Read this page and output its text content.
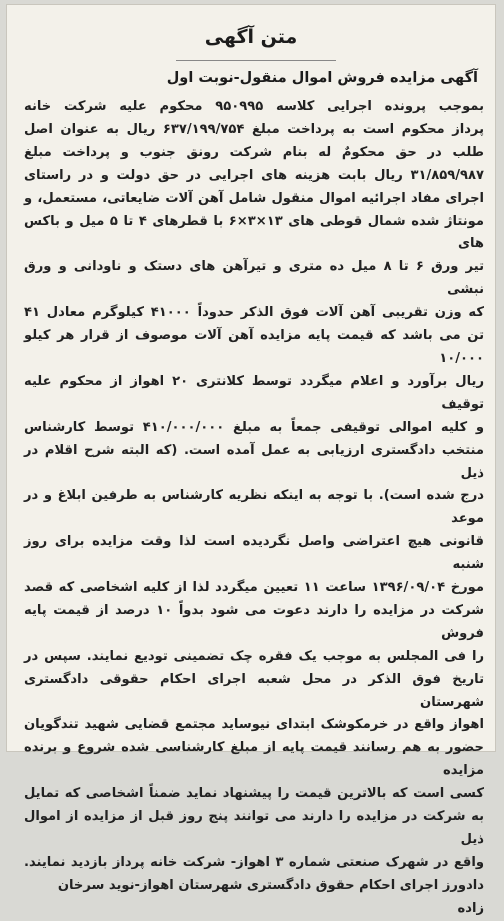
متن آگهی
آگهی مزایده فروش اموال منقول-نوبت اول
بموجب پرونده اجرایی کلاسه ۹۵۰۹۹۵ محکوم علیه شرکت خانه
پرداز محکوم است به پرداخت مبلغ ۶۳۷/۱۹۹/۷۵۴ ریال به عنوان اصل
طلب در حق محکومٌ له بنام شرکت رونق جنوب و پرداخت مبلغ
۳۱/۸۵۹/۹۸۷ ریال بابت هزینه های اجرایی در حق دولت و در راستای
اجرای مفاد اجرائیه اموال منقول شامل آهن آلات ضایعاتی، مستعمل، و
مونتاژ شده شمال قوطی های ۱۳×۳×۶ با قطرهای ۴ تا ۵ میل و باکس های
تیر ورق ۶ تا ۸ میل ده متری و تیرآهن های دستک و ناودانی و ورق نبشی
که وزن تقریبی آهن آلات فوق الذکر حدوداً ۴۱۰۰۰ کیلوگرم معادل ۴۱
تن می باشد که قیمت پایه مزایده آهن آلات موصوف از قرار هر کیلو ۱۰/۰۰۰
ریال برآورد و اعلام میگردد توسط کلانتری ۲۰ اهواز از محکوم علیه توقیف
و کلیه اموالی توقیفی جمعاً به مبلغ ۴۱۰/۰۰۰/۰۰۰ توسط کارشناس
منتخب دادگستری ارزیابی به عمل آمده است. (که البته شرح اقلام در ذیل
درج شده است). با توجه به اینکه نظریه کارشناس به طرفین ابلاغ و در موعد
قانونی هیچ اعتراضی واصل نگردیده است لذا وقت مزایده برای روز شنبه
مورخ ۱۳۹۶/۰۹/۰۴ ساعت ۱۱ تعیین میگردد لذا از کلیه اشخاصی که قصد
شرکت در مزایده را دارند دعوت می شود بدواً ۱۰ درصد از قیمت پایه فروش
را فی المجلس به موجب یک فقره چک تضمینی تودیع نمایند. سپس در
تاریخ فوق الذکر در محل شعبه اجرای احکام حقوقی دادگستری شهرستان
اهواز واقع در خرمکوشک ابتدای نیوساید مجتمع قضایی شهید تندگویان
حضور به هم رسانند قیمت پایه از مبلغ کارشناسی شده شروع و برنده مزایده
کسی است که بالاترین قیمت را پیشنهاد نماید ضمناً اشخاصی که تمایل
به شرکت در مزایده را دارند می توانند پنج روز قبل از مزایده از اموال ذیل
واقع در شهرک صنعتی شماره ۳ اهواز- شرکت خانه پرداز بازدید نمایند.
دادورز اجرای احکام حقوق دادگستری شهرستان اهواز-نوید سرخان
زاده
